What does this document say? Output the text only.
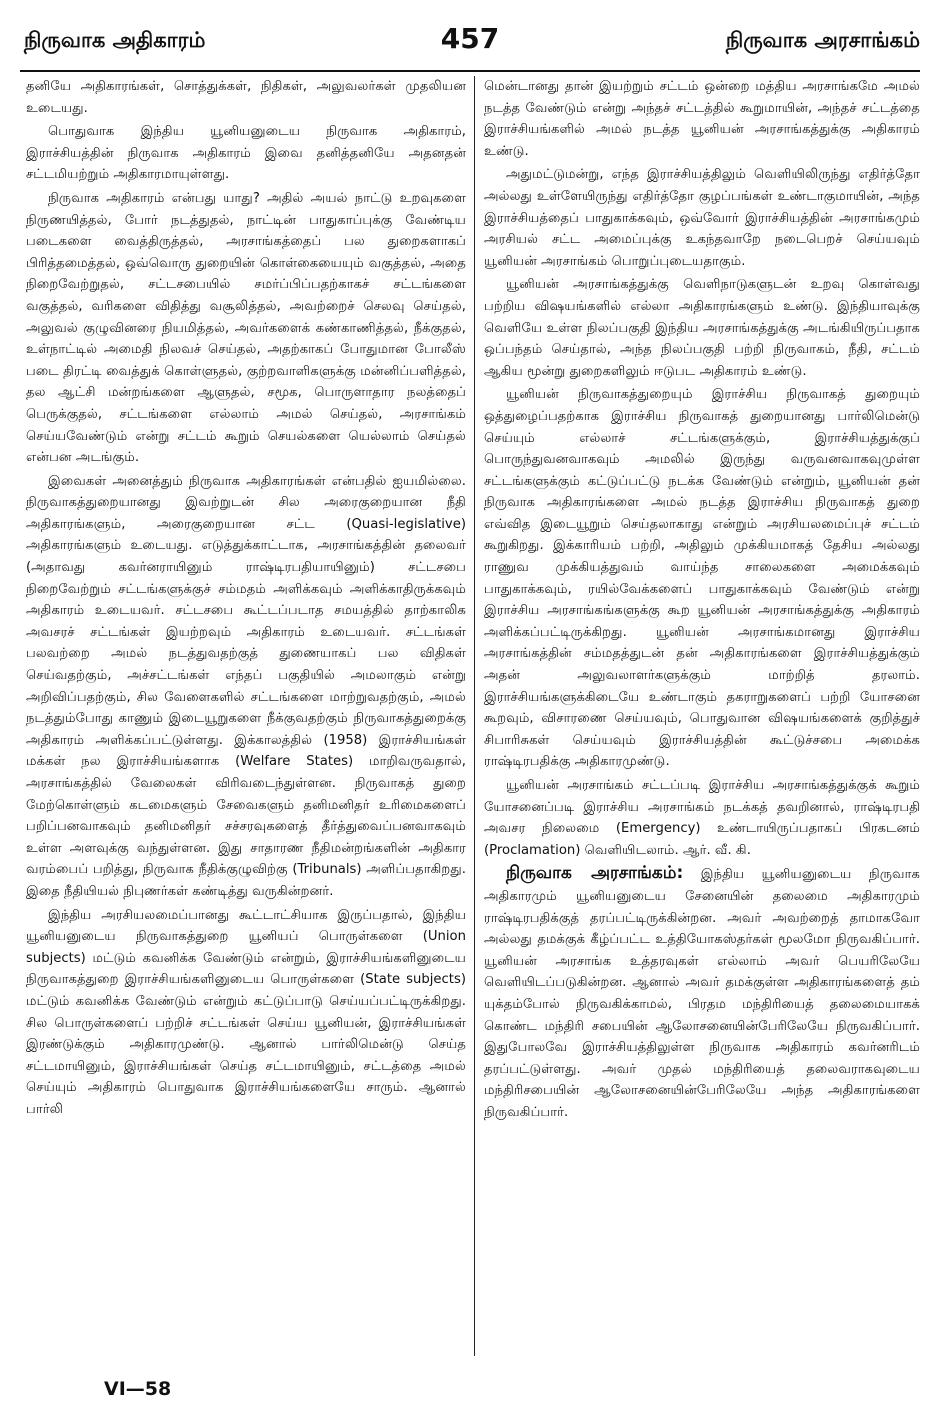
நிருவாக அதிகாரம்	457	நிருவாக அரசாங்கம்

தனியே அதிகாரங்கள், சொத்துக்கள், நிதிகள், அலுவலர்கள் முதலியன உடையது.

பொதுவாக இந்திய யூனியனுடைய நிருவாக அதிகாரம், இராச்சியத்தின் நிருவாக அதிகாரம் இவை தனித்தனியே அதனதன் சட்டமியற்றும் அதிகாரமாயுள்ளது.

நிருவாக அதிகாரம் என்பது யாது? அதில் அயல் நாட்டு உறவுகளை நிருணயித்தல், போர் நடத்துதல், நாட்டின் பாதுகாப்புக்கு வேண்டிய படைகளை வைத்திருத்தல், அரசாங்கத்தைப் பல துறைகளாகப் பிரித்தமைத்தல், ஒவ்வொரு துறையின் கொள்கையையும் வகுத்தல், அதை நிறைவேற்றுதல், சட்டசபையில் சமர்ப்பிப்பதற்காகச் சட்டங்களை வகுத்தல், வரிகளை விதித்து வசூலித்தல், அவற்றைச் செலவு செய்தல், அலுவல் குழுவினரை நியமித்தல், அவர்களைக் கண்காணித்தல், நீக்குதல், உள்நாட்டில் அமைதி நிலவச் செய்தல், அதற்காகப் போதுமான போலீஸ் படை திரட்டி வைத்துக் கொள்ளுதல், குற்றவாளிகளுக்கு மன்னிப்பளித்தல், தல ஆட்சி மன்றங்களை ஆளுதல், சமூக, பொருளாதார நலத்தைப் பெருக்குதல், சட்டங்களை எல்லாம் அமல் செய்தல், அரசாங்கம் செய்யவேண்டும் என்று சட்டம் கூறும் செயல்களை யெல்லாம் செய்தல் என்பன அடங்கும்.

இவைகள் அனைத்தும் நிருவாக அதிகாரங்கள் என்பதில் ஐயமில்லை. நிருவாகத்துறையானது இவற்றுடன் சில அரைகுறையான நீதி அதிகாரங்களும், அரைகுறையான சட்ட (Quasi-legislative) அதிகாரங்களும் உடையது. எடுத்துக்காட்டாக, அரசாங்கத்தின் தலைவர் (அதாவது கவர்னராயினும் ராஷ்டிரபதியாயினும்) சட்டசபை நிறைவேற்றும் சட்டங்களுக்குச் சம்மதம் அளிக்கவும் அளிக்காதிருக்கவும் அதிகாரம் உடையவர். சட்டசபை கூட்டப்படாத சமயத்தில் தாற்காலிக அவசரச் சட்டங்கள் இயற்றவும் அதிகாரம் உடையவர். சட்டங்கள் பலவற்றை அமல் நடத்துவதற்குத் துணையாகப் பல விதிகள் செய்வதற்கும், அச்சட்டங்கள் எந்தப் பகுதியில் அமலாகும் என்று அறிவிப்பதற்கும், சில வேளைகளில் சட்டங்களை மாற்றுவதற்கும், அமல் நடத்தும்போது காணும் இடையூறுகளை நீக்குவதற்கும் நிருவாகத்துறைக்கு அதிகாரம் அளிக்கப்பட்டுள்ளது. இக்காலத்தில் (1958) இராச்சியங்கள் மக்கள் நல இராச்சியங்களாக (Welfare States) மாறிவருவதால், அரசாங்கத்தில் வேலைகள் விரிவடைந்துள்ளன. நிருவாகத் துறை மேற்கொள்ளும் கடமைகளும் சேவைகளும் தனிமனிதர் உரிமைகளைப் பறிப்பனவாகவும் தனிமனிதர் சச்சரவுகளைத் தீர்த்துவைப்பனவாகவும் உள்ள அளவுக்கு வந்துள்ளன. இது சாதாரண நீதிமன்றங்களின் அதிகார வரம்பைப் பறித்து, நிருவாக நீதிக்குழுவிற்கு (Tribunals) அளிப்பதாகிறது. இதை நீதியியல் நிபுணர்கள் கண்டித்து வருகின்றனர்.

இந்திய அரசியலமைப்பானது கூட்டாட்சியாக இருப்பதால், இந்திய யூனியனுடைய நிருவாகத்துறை யூனியப் பொருள்களை (Union subjects) மட்டும் கவனிக்க வேண்டும் என்றும், இராச்சியங்களினுடைய நிருவாகத்துறை இராச்சியங்களினுடைய பொருள்களை (State subjects) மட்டும் கவனிக்க வேண்டும் என்றும் கட்டுப்பாடு செய்யப்பட்டிருக்கிறது. சில பொருள்களைப் பற்றிச் சட்டங்கள் செய்ய யூனியன், இராச்சியங்கள் இரண்டுக்கும் அதிகாரமுண்டு. ஆனால் பார்லிமென்டு செய்த சட்டமாயினும், இராச்சியங்கள் செய்த சட்டமாயினும், சட்டத்தை அமல் செய்யும் அதிகாரம் பொதுவாக இராச்சியங்களையே சாரும். ஆனால் பார்லி

மென்டானது தான் இயற்றும் சட்டம் ஒன்றை மத்திய அரசாங்கமே அமல் நடத்த வேண்டும் என்று அந்தச் சட்டத்தில் கூறுமாயின், அந்தச் சட்டத்தை இராச்சியங்களில் அமல் நடத்த யூனியன் அரசாங்கத்துக்கு அதிகாரம் உண்டு.

அதுமட்டுமன்று, எந்த இராச்சியத்திலும் வெளியிலிருந்து எதிர்த்தோ அல்லது உள்ளேயிருந்து எதிர்த்தோ குழப்பங்கள் உண்டாகுமாயின், அந்த இராச்சியத்தைப் பாதுகாக்கவும், ஒவ்வோர் இராச்சியத்தின் அரசாங்கமும் அரசியல் சட்ட அமைப்புக்கு உகந்தவாறே நடைபெறச் செய்யவும் யூனியன் அரசாங்கம் பொறுப்புடையதாகும்.

யூனியன் அரசாங்கத்துக்கு வெளிநாடுகளுடன் உறவு கொள்வது பற்றிய விஷயங்களில் எல்லா அதிகாரங்களும் உண்டு. இந்தியாவுக்கு வெளியே உள்ள நிலப்பகுதி இந்திய அரசாங்கத்துக்கு அடங்கியிருப்பதாக ஒப்பந்தம் செய்தால், அந்த நிலப்பகுதி பற்றி நிருவாகம், நீதி, சட்டம் ஆகிய மூன்று துறைகளிலும் ஈடுபட அதிகாரம் உண்டு.

யூனியன் நிருவாகத்துறையும் இராச்சிய நிருவாகத் துறையும் ஒத்துழைப்பதற்காக இராச்சிய நிருவாகத் துறையானது பார்லிமென்டு செய்யும் எல்லாச் சட்டங்களுக்கும், இராச்சியத்துக்குப் பொருந்துவனவாகவும் அமலில் இருந்து வருவனவாகவுமுள்ள சட்டங்களுக்கும் கட்டுப்பட்டு நடக்க வேண்டும் என்றும், யூனியன் தன் நிருவாக அதிகாரங்களை அமல் நடத்த இராச்சிய நிருவாகத் துறை எவ்வித இடையூறும் செய்தலாகாது என்றும் அரசியலமைப்புச் சட்டம் கூறுகிறது. இக்காரியம் பற்றி, அதிலும் முக்கியமாகத் தேசிய அல்லது ராணுவ முக்கியத்துவம் வாய்ந்த சாலைகளை அமைக்கவும் பாதுகாக்கவும், ரயில்வேக்களைப் பாதுகாக்கவும் வேண்டும் என்று இராச்சிய அரசாங்கங்களுக்கு கூற யூனியன் அரசாங்கத்துக்கு அதிகாரம் அளிக்கப்பட்டிருக்கிறது. யூனியன் அரசாங்கமானது இராச்சிய அரசாங்கத்தின் சம்மதத்துடன் தன் அதிகாரங்களை இராச்சியத்துக்கும் அதன் அலுவலாளர்களுக்கும் மாற்றித் தரலாம். இராச்சியங்களுக்கிடையே உண்டாகும் தகராறுகளைப் பற்றி யோசனை கூறவும், விசாரணை செய்யவும், பொதுவான விஷயங்களைக் குறித்துச் சிபாரிசுகள் செய்யவும் இராச்சியத்தின் கூட்டுச்சபை அமைக்க ராஷ்டிரபதிக்கு அதிகாரமுண்டு.

யூனியன் அரசாங்கம் சட்டப்படி இராச்சிய அரசாங்கத்துக்குக் கூறும் யோசனைப்படி இராச்சிய அரசாங்கம் நடக்கத் தவறினால், ராஷ்டிரபதி அவசர நிலைமை (Emergency) உண்டாயிருப்பதாகப் பிரகடனம் (Proclamation) வெளியிடலாம். ஆர். வீ. கி.

நிருவாக அரசாங்கம்: இந்திய யூனியனுடைய நிருவாக அதிகாரமும் யூனியனுடைய சேனையின் தலைமை அதிகாரமும் ராஷ்டிரபதிக்குத் தரப்பட்டிருக்கின்றன. அவர் அவற்றைத் தாமாகவோ அல்லது தமக்குக் கீழ்ப்பட்ட உத்தியோகஸ்தர்கள் மூலமோ நிருவகிப்பார். யூனியன் அரசாங்க உத்தரவுகள் எல்லாம் அவர் பெயரிலேயே வெளியிடப்படுகின்றன. ஆனால் அவர் தமக்குள்ள அதிகாரங்களைத் தம் யுக்தம்போல் நிருவகிக்காமல், பிரதம மந்திரியைத் தலைமையாகக் கொண்ட மந்திரி சபையின் ஆலோசனையின்பேரிலேயே நிருவகிப்பார். இதுபோலவே இராச்சியத்திலுள்ள நிருவாக அதிகாரம் கவர்னரிடம் தரப்பட்டுள்ளது. அவர் முதல் மந்திரியைத் தலைவராகவுடைய மந்திரிசபையின் ஆலோசனையின்பேரிலேயே அந்த அதிகாரங்களை நிருவகிப்பார்.

VI—58
